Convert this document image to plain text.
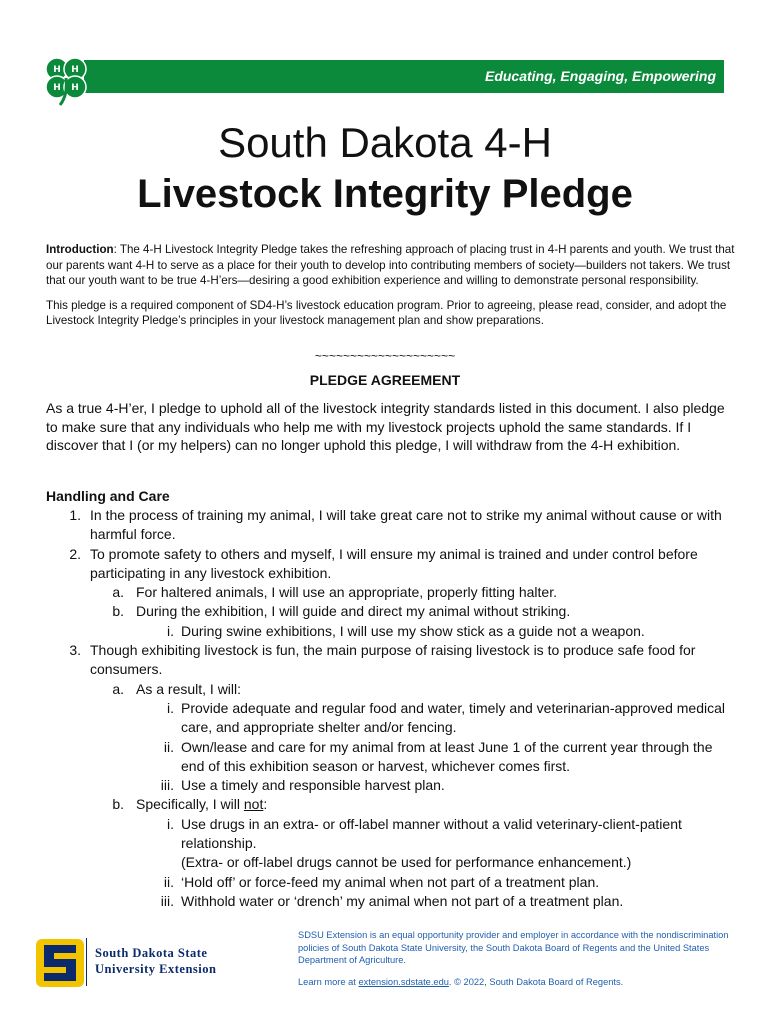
Educating, Engaging, Empowering
H H
H H
South Dakota 4-H
Livestock Integrity Pledge

Introduction: The 4-H Livestock Integrity Pledge takes the refreshing approach of placing trust in 4-H parents and youth. We trust that our parents want 4-H to serve as a place for their youth to develop into contributing members of society—builders not takers. We trust that our youth want to be true 4-H’ers—desiring a good exhibition experience and willing to demonstrate personal responsibility.

This pledge is a required component of SD4-H’s livestock education program. Prior to agreeing, please read, consider, and adopt the Livestock Integrity Pledge’s principles in your livestock management plan and show preparations.

~~~~~~~~~~~~~~~~~~~~
PLEDGE AGREEMENT
As a true 4-H’er, I pledge to uphold all of the livestock integrity standards listed in this document. I also pledge to make sure that any individuals who help me with my livestock projects uphold the same standards. If I discover that I (or my helpers) can no longer uphold this pledge, I will withdraw from the 4-H exhibition.
Handling and Care
1. In the process of training my animal, I will take great care not to strike my animal without cause or with harmful force.
2. To promote safety to others and myself, I will ensure my animal is trained and under control before participating in any livestock exhibition.
a. For haltered animals, I will use an appropriate, properly fitting halter.
b. During the exhibition, I will guide and direct my animal without striking.
i. During swine exhibitions, I will use my show stick as a guide not a weapon.
3. Though exhibiting livestock is fun, the main purpose of raising livestock is to produce safe food for consumers.
a. As a result, I will:
i. Provide adequate and regular food and water, timely and veterinarian-approved medical care, and appropriate shelter and/or fencing.
ii. Own/lease and care for my animal from at least June 1 of the current year through the end of this exhibition season or harvest, whichever comes first.
iii. Use a timely and responsible harvest plan.
b. Specifically, I will not:
i. Use drugs in an extra- or off-label manner without a valid veterinary-client-patient relationship.
(Extra- or off-label drugs cannot be used for performance enhancement.)
ii. ‘Hold off’ or force-feed my animal when not part of a treatment plan.
iii. Withhold water or ‘drench’ my animal when not part of a treatment plan.
South Dakota State
University Extension

SDSU Extension is an equal opportunity provider and employer in accordance with the nondiscrimination policies of South Dakota State University, the South Dakota Board of Regents and the United States Department of Agriculture.

Learn more at extension.sdstate.edu. © 2022, South Dakota Board of Regents.
